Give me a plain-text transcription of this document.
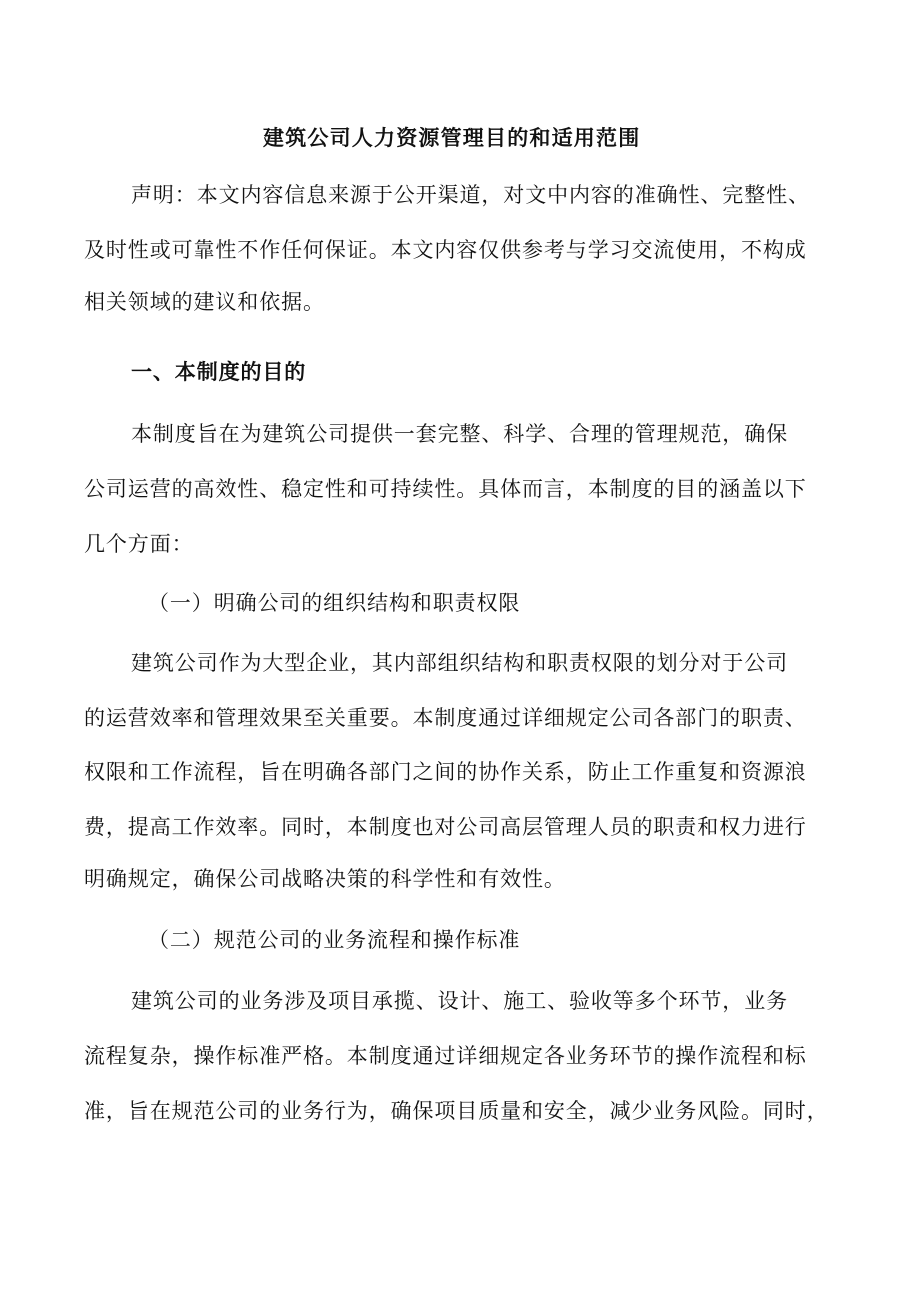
建筑公司人力资源管理目的和适用范围
声明：本文内容信息来源于公开渠道，对文中内容的准确性、完整性、
及时性或可靠性不作任何保证。本文内容仅供参考与学习交流使用，不构成
相关领域的建议和依据。
一、本制度的目的
本制度旨在为建筑公司提供一套完整、科学、合理的管理规范，确保
公司运营的高效性、稳定性和可持续性。具体而言，本制度的目的涵盖以下
几个方面：
（一）明确公司的组织结构和职责权限
建筑公司作为大型企业，其内部组织结构和职责权限的划分对于公司
的运营效率和管理效果至关重要。本制度通过详细规定公司各部门的职责、
权限和工作流程，旨在明确各部门之间的协作关系，防止工作重复和资源浪
费，提高工作效率。同时，本制度也对公司高层管理人员的职责和权力进行
明确规定，确保公司战略决策的科学性和有效性。
（二）规范公司的业务流程和操作标准
建筑公司的业务涉及项目承揽、设计、施工、验收等多个环节，业务
流程复杂，操作标准严格。本制度通过详细规定各业务环节的操作流程和标
准，旨在规范公司的业务行为，确保项目质量和安全，减少业务风险。同时，
